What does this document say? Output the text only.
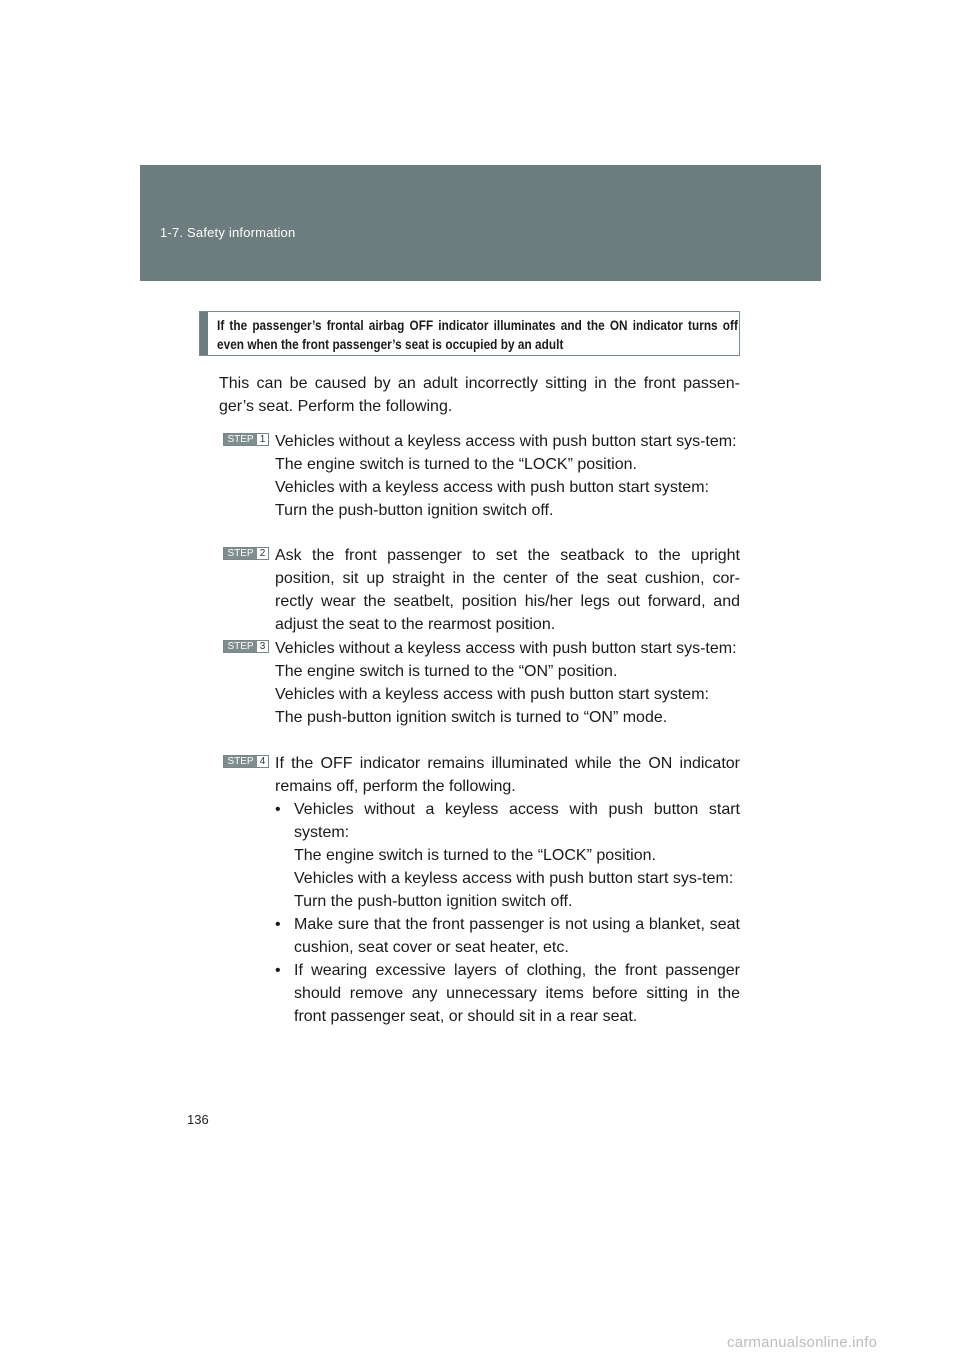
1-7. Safety information
If the passenger’s frontal airbag OFF indicator illuminates and the ON indicator turns off even when the front passenger’s seat is occupied by an adult
This can be caused by an adult incorrectly sitting in the front passen-ger’s seat. Perform the following.
STEP 1 Vehicles without a keyless access with push button start sys-tem:

The engine switch is turned to the “LOCK” position.

Vehicles with a keyless access with push button start system:

Turn the push-button ignition switch off.

STEP 2 Ask the front passenger to set the seatback to the upright position, sit up straight in the center of the seat cushion, cor-rectly wear the seatbelt, position his/her legs out forward, and adjust the seat to the rearmost position.

STEP 3 Vehicles without a keyless access with push button start sys-tem:

The engine switch is turned to the “ON” position.

Vehicles with a keyless access with push button start system:

The push-button ignition switch is turned to “ON” mode.

STEP 4 If the OFF indicator remains illuminated while the ON indicator remains off, perform the following.

• Vehicles without a keyless access with push button start system:

The engine switch is turned to the “LOCK” position.

Vehicles with a keyless access with push button start sys-tem:

Turn the push-button ignition switch off.

• Make sure that the front passenger is not using a blanket, seat cushion, seat cover or seat heater, etc.

• If wearing excessive layers of clothing, the front passenger should remove any unnecessary items before sitting in the front passenger seat, or should sit in a rear seat.

136
carmanualsonline.info
